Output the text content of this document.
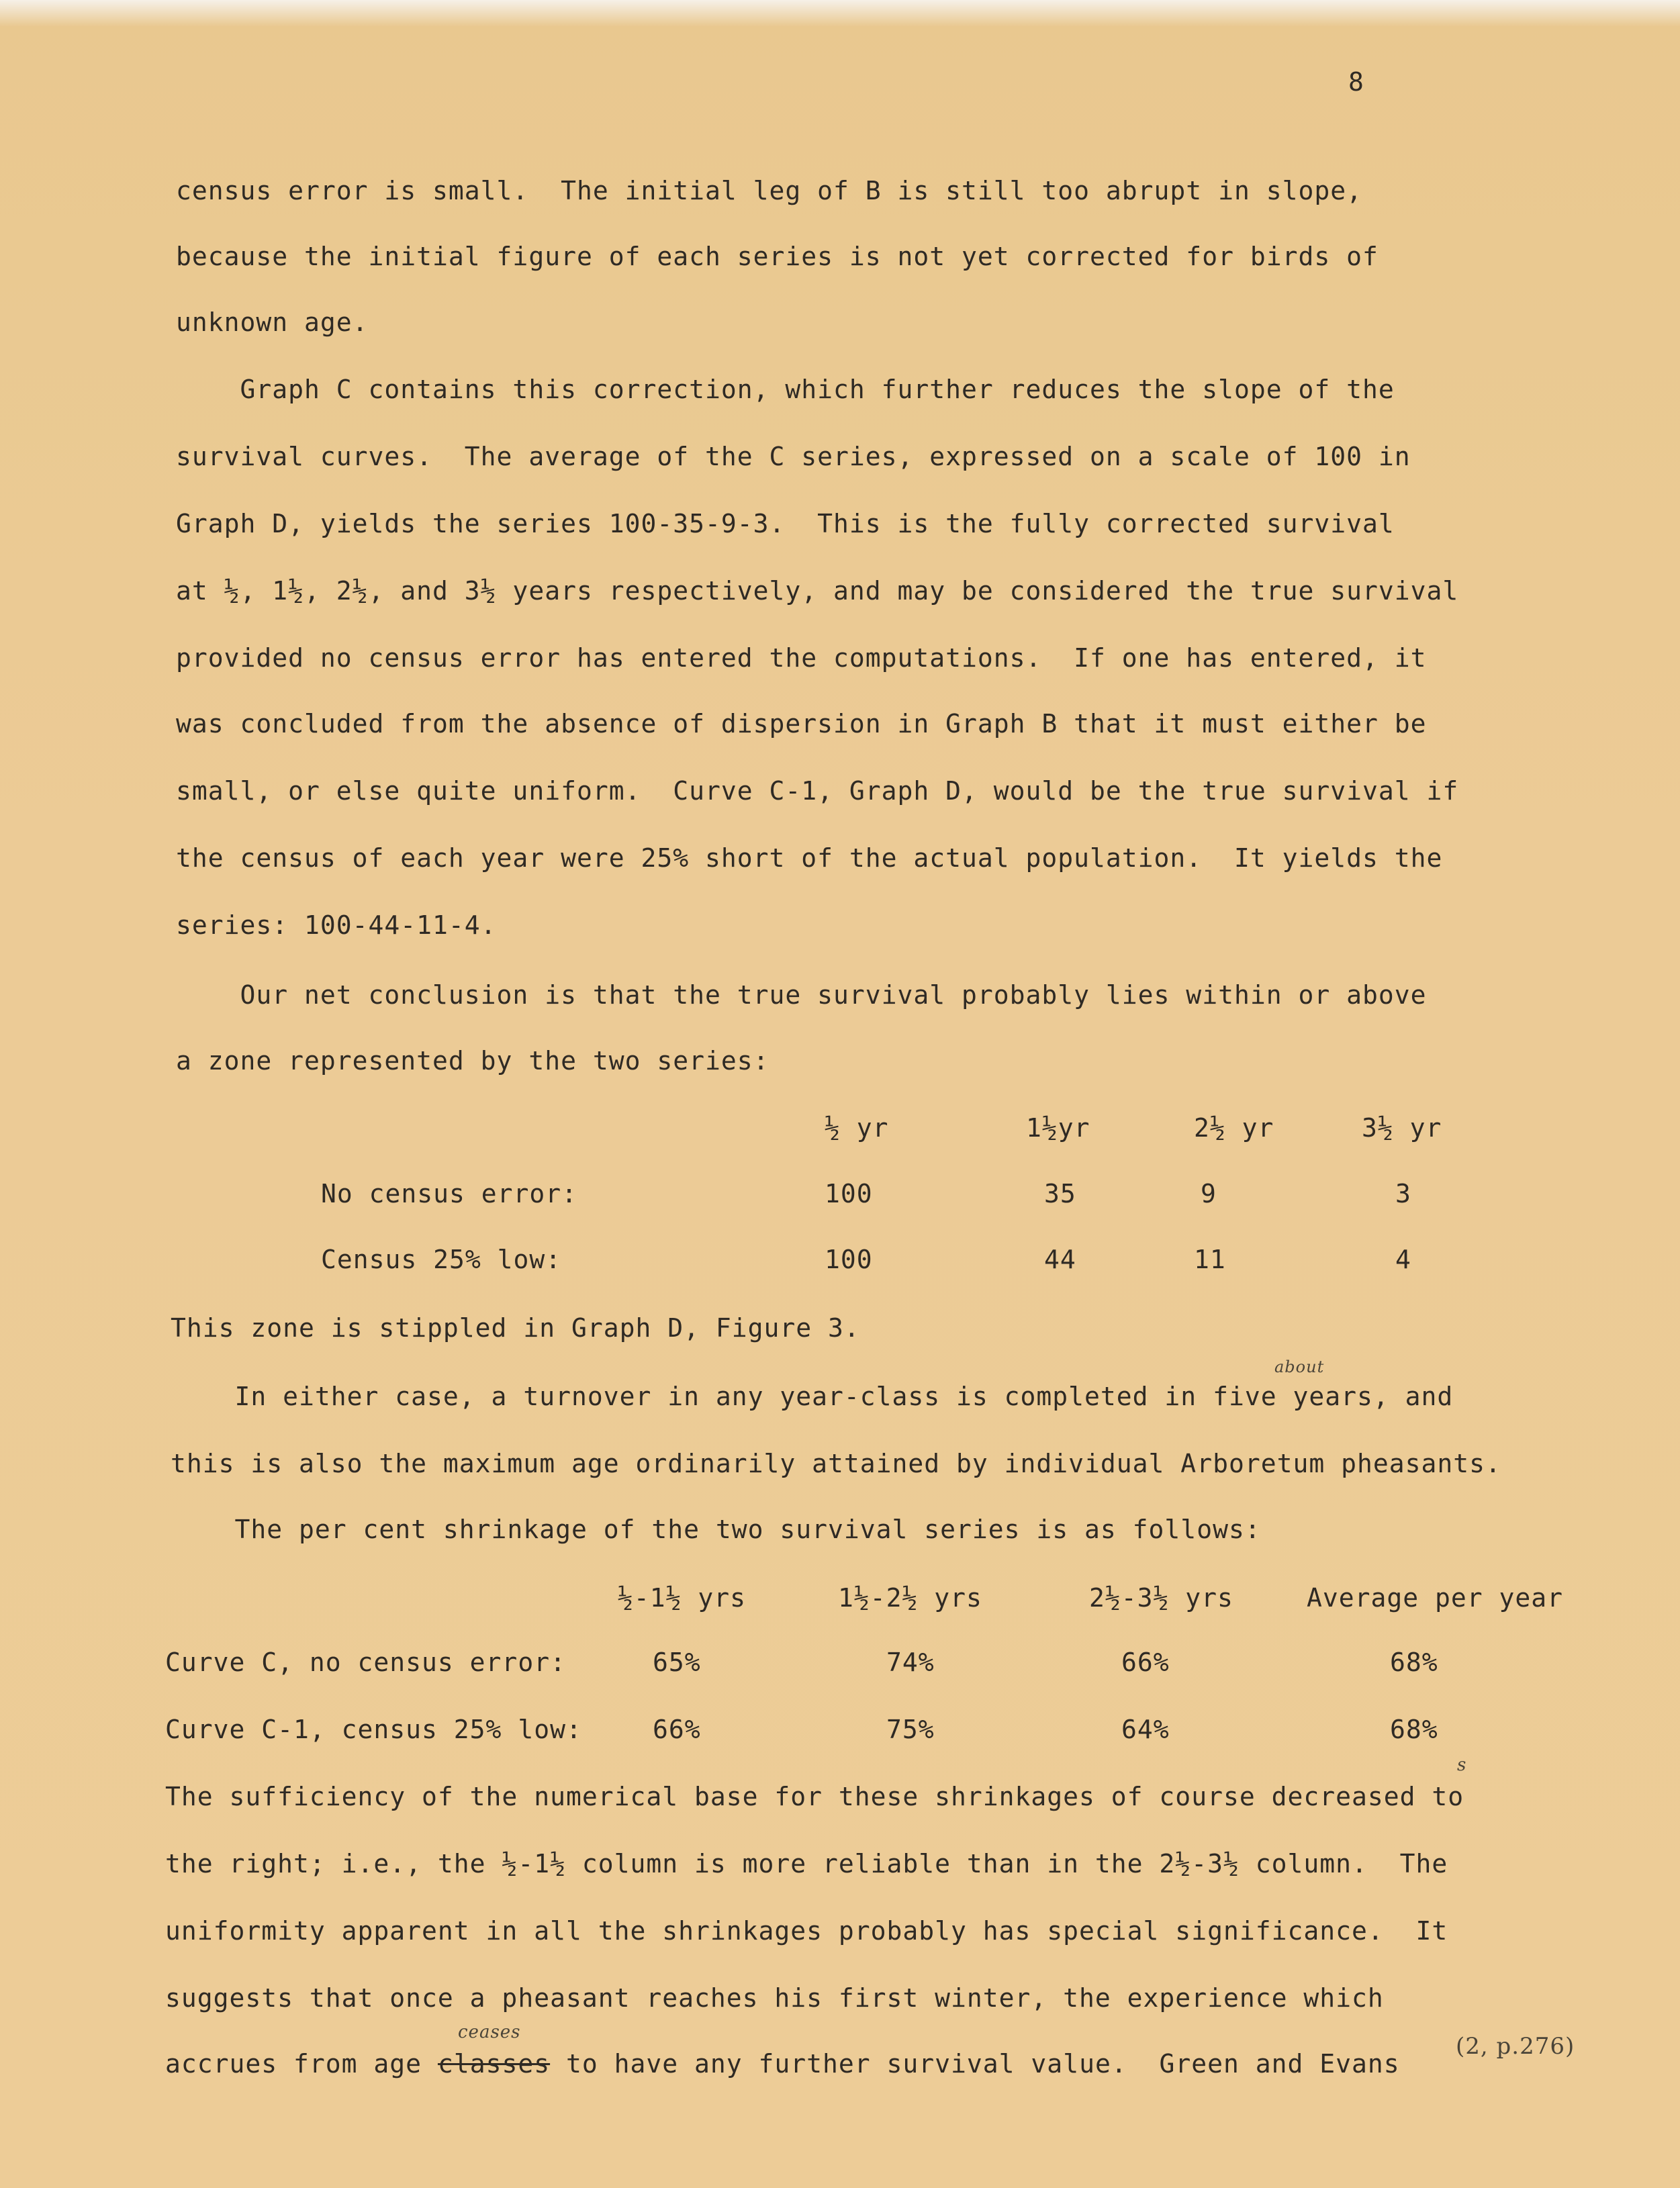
8
census error is small.  The initial leg of B is still too abrupt in slope,
because the initial figure of each series is not yet corrected for birds of
unknown age.
Graph C contains this correction, which further reduces the slope of the
survival curves.  The average of the C series, expressed on a scale of 100 in
Graph D, yields the series 100-35-9-3.  This is the fully corrected survival
at ½, 1½, 2½, and 3½ years respectively, and may be considered the true survival
provided no census error has entered the computations.  If one has entered, it
was concluded from the absence of dispersion in Graph B that it must either be
small, or else quite uniform.  Curve C-1, Graph D, would be the true survival if
the census of each year were 25% short of the actual population.  It yields the
series: 100-44-11-4.
Our net conclusion is that the true survival probably lies within or above
a zone represented by the two series:
½ yr	1½yr	2½ yr	3½ yr
No census error:	100	35	9	3
Census 25% low:	100	44	11	4
This zone is stippled in Graph D, Figure 3.
In either case, a turnover in any year-class is completed in five years, and
about
this is also the maximum age ordinarily attained by individual Arboretum pheasants.
The per cent shrinkage of the two survival series is as follows:
½-1½ yrs	1½-2½ yrs	2½-3½ yrs	Average per year
Curve C, no census error:	65%	74%	66%	68%
Curve C-1, census 25% low:	66%	75%	64%	68%
s
The sufficiency of the numerical base for these shrinkages of course decreased to
the right; i.e., the ½-1½ column is more reliable than in the 2½-3½ column.  The
uniformity apparent in all the shrinkages probably has special significance.  It
suggests that once a pheasant reaches his first winter, the experience which
ceases
accrues from age classes to have any further survival value.  Green and Evans
(2, p.276)
